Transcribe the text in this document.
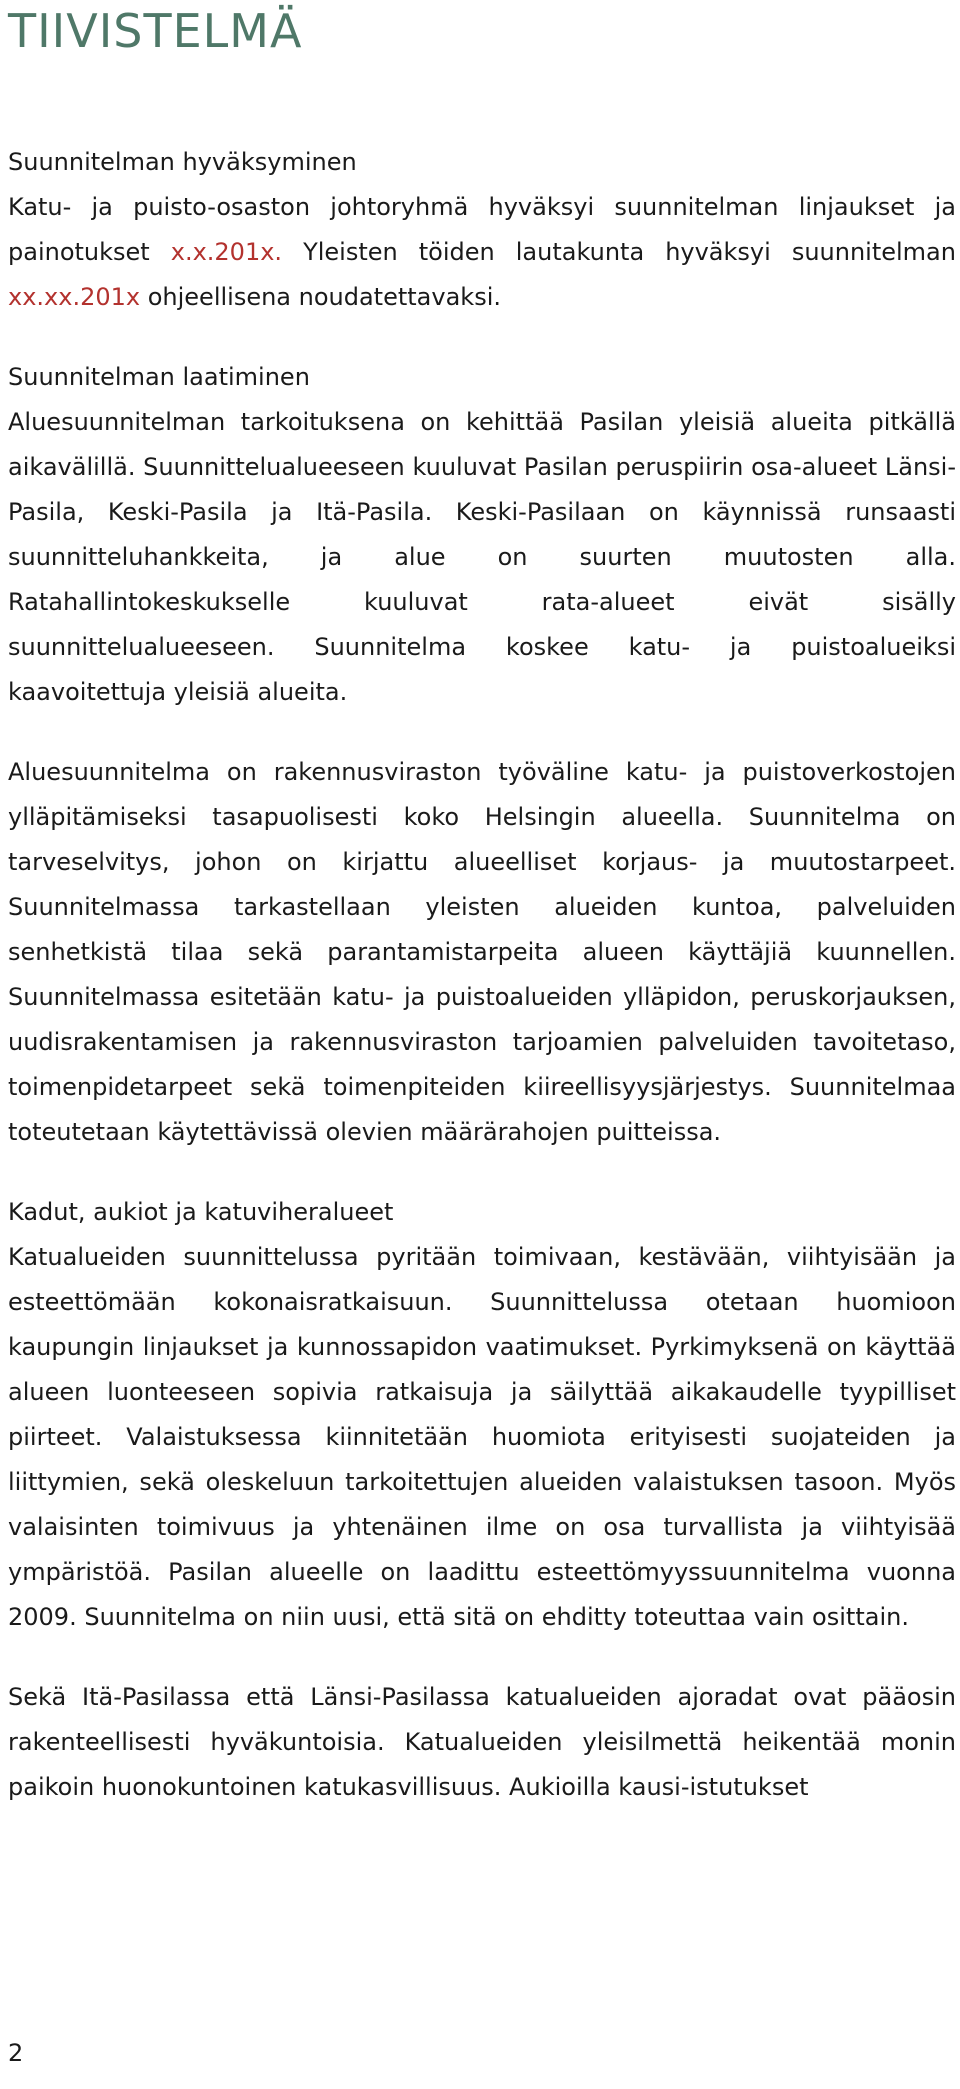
TIIVISTELMÄ
Suunnitelman hyväksyminen

Katu- ja puisto-osaston johtoryhmä hyväksyi suunnitelman linjaukset ja painotukset x.x.201x. Yleisten töiden lautakunta hyväksyi suunnitelman xx.xx.201x ohjeellisena noudatettavaksi.

Suunnitelman laatiminen

Aluesuunnitelman tarkoituksena on kehittää Pasilan yleisiä alueita pitkällä aikavälillä. Suunnittelualueeseen kuuluvat Pasilan peruspiirin osa-alueet Länsi-Pasila, Keski-Pasila ja Itä-Pasila. Keski-Pasilaan on käynnissä runsaasti suunnitteluhankkeita, ja alue on suurten muutosten alla. Ratahallintokeskukselle kuuluvat rata-alueet eivät sisälly suunnittelualueeseen. Suunnitelma koskee katu- ja puistoalueiksi kaavoitettuja yleisiä alueita.

Aluesuunnitelma on rakennusviraston työväline katu- ja puistoverkostojen ylläpitämiseksi tasapuolisesti koko Helsingin alueella. Suunnitelma on tarveselvitys, johon on kirjattu alueelliset korjaus- ja muutostarpeet. Suunnitelmassa tarkastellaan yleisten alueiden kuntoa, palveluiden senhetkistä tilaa sekä parantamistarpeita alueen käyttäjiä kuunnellen. Suunnitelmassa esitetään katu- ja puistoalueiden ylläpidon, peruskorjauksen, uudisrakentamisen ja rakennusviraston tarjoamien palveluiden tavoitetaso, toimenpidetarpeet sekä toimenpiteiden kiireellisyysjärjestys. Suunnitelmaa toteutetaan käytettävissä olevien määrärahojen puitteissa.

Kadut, aukiot ja katuviheralueet

Katualueiden suunnittelussa pyritään toimivaan, kestävään, viihtyisään ja esteettömään kokonaisratkaisuun. Suunnittelussa otetaan huomioon kaupungin linjaukset ja kunnossapidon vaatimukset. Pyrkimyksenä on käyttää alueen luonteeseen sopivia ratkaisuja ja säilyttää aikakaudelle tyypilliset piirteet. Valaistuksessa kiinnitetään huomiota erityisesti suojateiden ja liittymien, sekä oleskeluun tarkoitettujen alueiden valaistuksen tasoon. Myös valaisinten toimivuus ja yhtenäinen ilme on osa turvallista ja viihtyisää ympäristöä. Pasilan alueelle on laadittu esteettömyyssuunnitelma vuonna 2009. Suunnitelma on niin uusi, että sitä on ehditty toteuttaa vain osittain.

Sekä Itä-Pasilassa että Länsi-Pasilassa katualueiden ajoradat ovat pääosin rakenteellisesti hyväkuntoisia. Katualueiden yleisilmettä heikentää monin paikoin huonokuntoinen katukasvillisuus. Aukioilla kausi-istutukset

2
